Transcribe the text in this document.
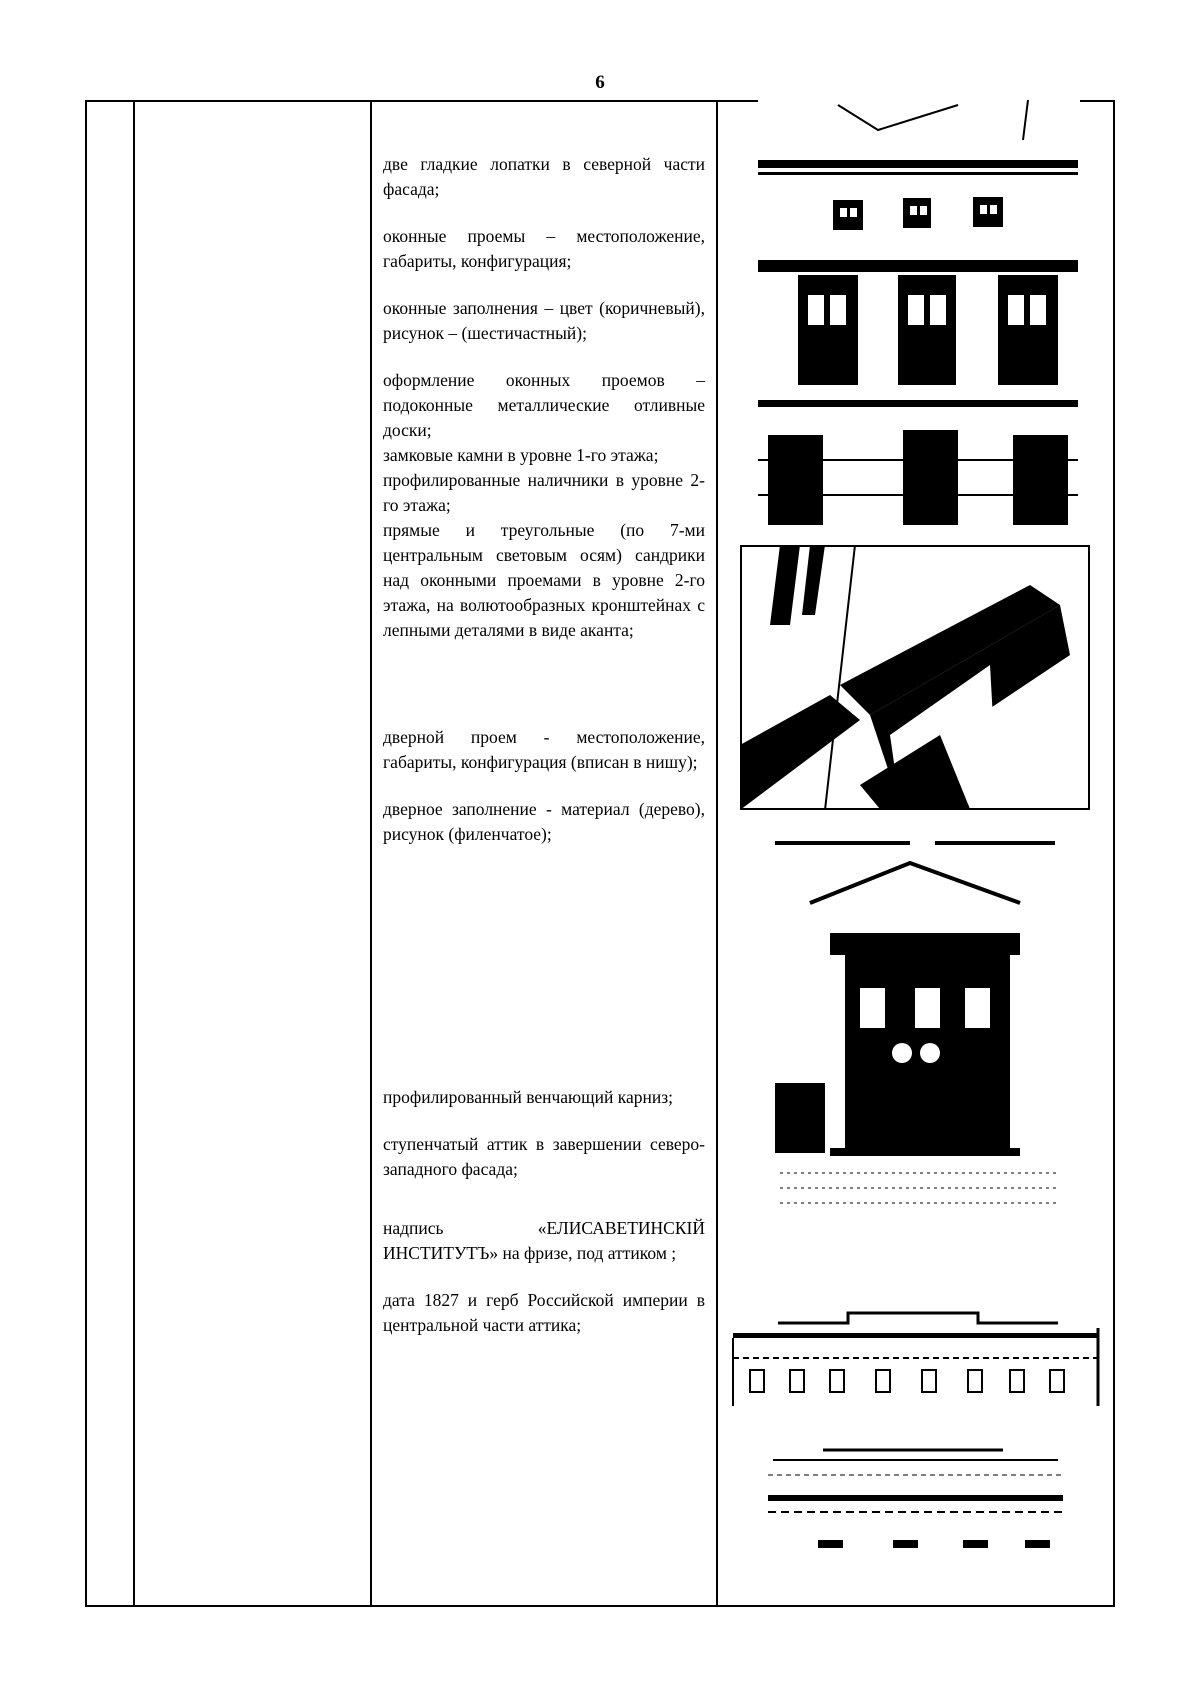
6

две гладкие лопатки в северной части фасада;

оконные проемы – местоположение, габариты, конфигурация;

оконные заполнения – цвет (коричневый), рисунок – (шестичастный);

оформление оконных проемов – подоконные металлические отливные доски;

замковые камни в уровне 1-го этажа;

профилированные наличники в уровне 2-го этажа;

прямые и треугольные (по 7-ми центральным световым осям) сандрики над оконными проемами в уровне 2-го этажа, на волютообразных кронштейнах с лепными деталями в виде аканта;

дверной проем - местоположение, габариты, конфигурация (вписан в нишу);

дверное заполнение - материал (дерево), рисунок (филенчатое);

профилированный венчающий карниз;

ступенчатый аттик в завершении северо-западного фасада;

надпись «ЕЛИСАВЕТИНСКІЙ ИНСТИТУТЪ» на фризе, под аттиком ;

дата 1827 и герб Российской империи в центральной части аттика;
